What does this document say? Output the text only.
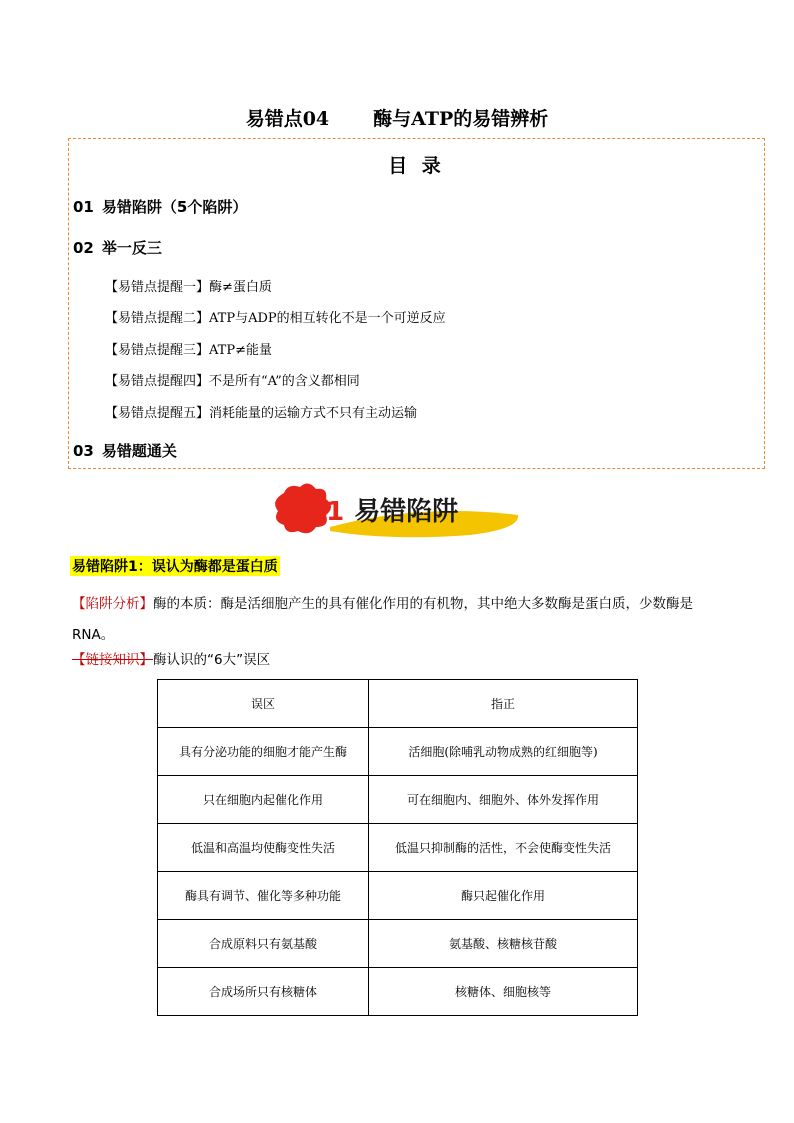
易错点04 酶与ATP的易错辨析
目 录
01 易错陷阱（5个陷阱）
02 举一反三
【易错点提醒一】酶≠蛋白质
【易错点提醒二】ATP与ADP的相互转化不是一个可逆反应
【易错点提醒三】ATP≠能量
【易错点提醒四】不是所有“A”的含义都相同
【易错点提醒五】消耗能量的运输方式不只有主动运输
03 易错题通关
01 易错陷阱
易错陷阱1：误认为酶都是蛋白质
【陷阱分析】酶的本质：酶是活细胞产生的具有催化作用的有机物，其中绝大多数酶是蛋白质，少数酶是RNA。
【链接知识】酶认识的“6大”误区
误区	指正
具有分泌功能的细胞才能产生酶	活细胞(除哺乳动物成熟的红细胞等)
只在细胞内起催化作用	可在细胞内、细胞外、体外发挥作用
低温和高温均使酶变性失活	低温只抑制酶的活性，不会使酶变性失活
酶具有调节、催化等多种功能	酶只起催化作用
合成原料只有氨基酸	氨基酸、核糖核苷酸
合成场所只有核糖体	核糖体、细胞核等
